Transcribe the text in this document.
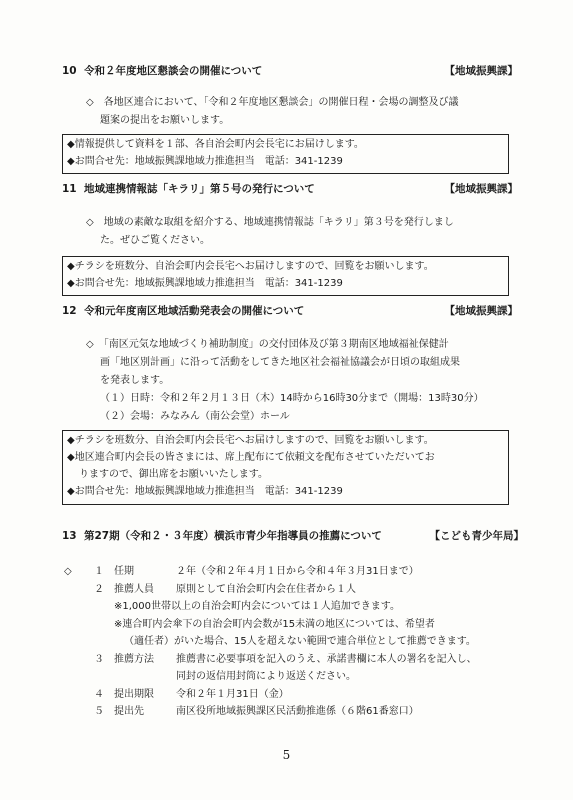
10 令和２年度地区懇談会の開催について	【地域振興課】
◇　各地区連合において、「令和２年度地区懇談会」の開催日程・会場の調整及び議
題案の提出をお願いします。

◆情報提供して資料を１部、各自治会町内会長宅にお届けします。

◆お問合せ先：地域振興課地域力推進担当　電話：341-1239

11 地域連携情報誌「キラリ」第５号の発行について	【地域振興課】
◇　地域の素敵な取組を紹介する、地域連携情報誌「キラリ」第３号を発行しまし
た。ぜひご覧ください。

◆チラシを班数分、自治会町内会長宅へお届けしますので、回覧をお願いします。

◆お問合せ先：地域振興課地域力推進担当　電話：341-1239

12 令和元年度南区地域活動発表会の開催について	【地域振興課】
◇　「南区元気な地域づくり補助制度」の交付団体及び第３期南区地域福祉保健計
画「地区別計画」に沿って活動をしてきた地区社会福祉協議会が日頃の取組成果
を発表します。
（１）日時：令和２年２月１３日（木）14時から16時30分まで（開場：13時30分）
（２）会場：みなみん（南公会堂）ホール

◆チラシを班数分、自治会町内会長宅へお届けしますので、回覧をお願いします。

◆地区連合町内会長の皆さまには、席上配布にて依頼文を配布させていただいてお

りますので、御出席をお願いいたします。

◆お問合せ先：地域振興課地域力推進担当　電話：341-1239

13 第27期（令和２・３年度）横浜市青少年指導員の推薦について	【こども青少年局】
◇ １ 任期	２年（令和２年４月１日から令和４年３月31日まで）
２ 推薦人員 原則として自治会町内会在住者から１人
※1,000世帯以上の自治会町内会については１人追加できます。
※連合町内会傘下の自治会町内会数が15未満の地区については、希望者
（適任者）がいた場合、15人を超えない範囲で連合単位として推薦できます。
３ 推薦方法 推薦書に必要事項を記入のうえ、承諾書欄に本人の署名を記入し、
同封の返信用封筒により返送ください。
４ 提出期限 令和２年１月31日（金）
５ 提出先	南区役所地域振興課区民活動推進係（６階61番窓口）
5
